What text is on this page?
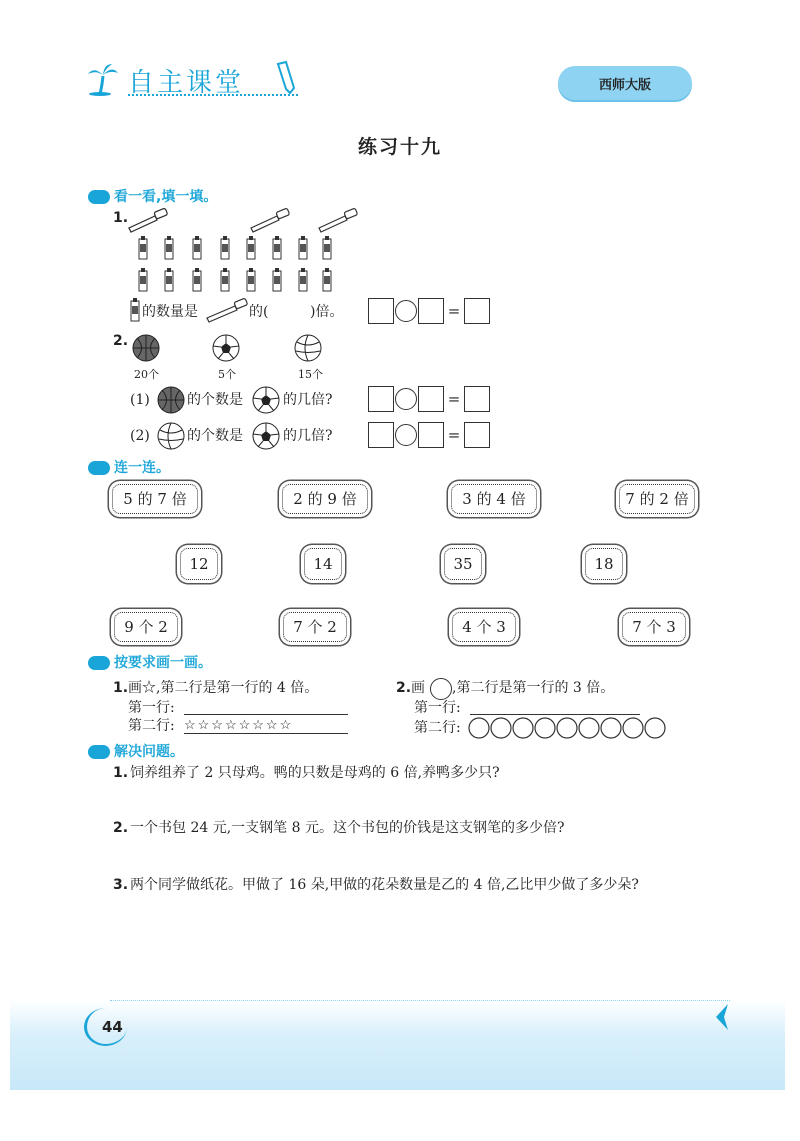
自主课堂	西师大版
练习十九
看一看,填一填。
1.
的数量是	的(	)倍。	=
2.
20个	5个	15个
(1)	的个数是	的几倍?	=
(2)	的个数是	的几倍?	=
连一连。
5 的 7 倍	2 的 9 倍	3 的 4 倍	7 的 2 倍
12	14	35	18
9 个 2	7 个 2	4 个 3	7 个 3
按要求画一画。
1. 画☆,第二行是第一行的 4 倍。
第一行:
第二行: ☆☆☆☆☆☆☆☆
2. 画 ,第二行是第一行的 3 倍。
第一行:
第二行:
解决问题。
1. 饲养组养了 2 只母鸡。鸭的只数是母鸡的 6 倍,养鸭多少只?
2. 一个书包 24 元,一支钢笔 8 元。这个书包的价钱是这支钢笔的多少倍?
3. 两个同学做纸花。甲做了 16 朵,甲做的花朵数量是乙的 4 倍,乙比甲少做了多少朵?
44
